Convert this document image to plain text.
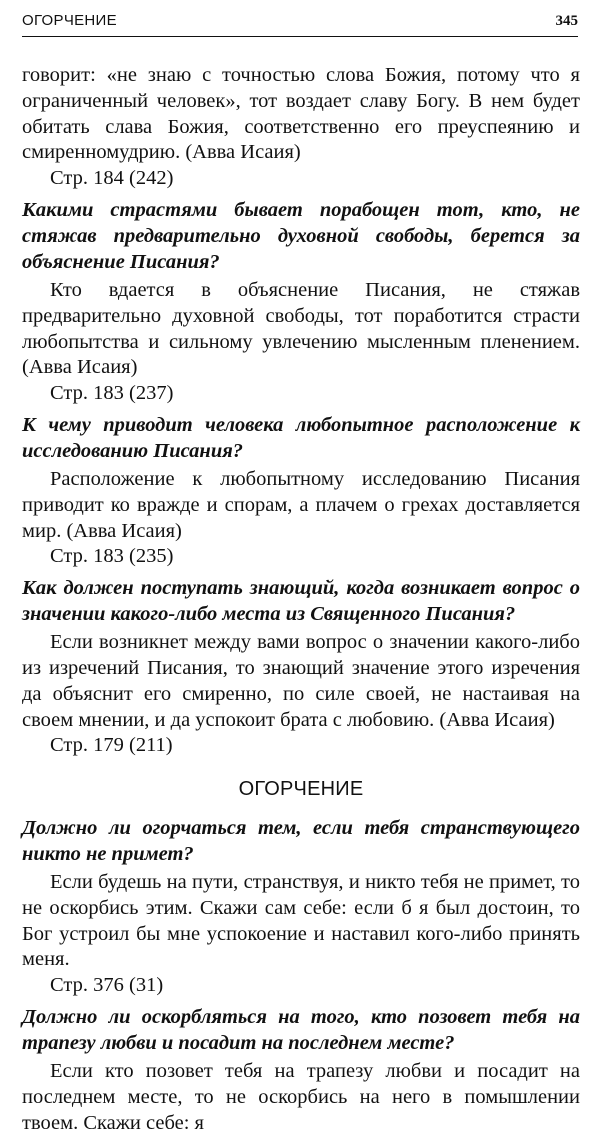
ОГОРЧЕНИЕ	345

говорит: «не знаю с точностью слова Божия, потому что я ограниченный человек», тот воздает славу Богу. В нем будет обитать слава Божия, соответственно его преуспеянию и смиренномудрию. (Авва Исаия)

Стр. 184 (242)

Какими страстями бывает порабощен тот, кто, не стяжав предварительно духовной свободы, берется за объяснение Писания?

Кто вдается в объяснение Писания, не стяжав предварительно духовной свободы, тот поработится страсти любопытства и сильному увлечению мысленным пленением. (Авва Исаия)

Стр. 183 (237)

К чему приводит человека любопытное расположение к исследованию Писания?

Расположение к любопытному исследованию Писания приводит ко вражде и спорам, а плачем о грехах доставляется мир. (Авва Исаия)

Стр. 183 (235)

Как должен поступать знающий, когда возникает вопрос о значении какого-либо места из Священного Писания?

Если возникнет между вами вопрос о значении какого-либо из изречений Писания, то знающий значение этого изречения да объяснит его смиренно, по силе своей, не настаивая на своем мнении, и да успокоит брата с любовию. (Авва Исаия)

Стр. 179 (211)

ОГОРЧЕНИЕ

Должно ли огорчаться тем, если тебя странствующего никто не примет?

Если будешь на пути, странствуя, и никто тебя не примет, то не оскорбись этим. Скажи сам себе: если б я был достоин, то Бог устроил бы мне успокоение и наставил кого-либо принять меня.

Стр. 376 (31)

Должно ли оскорбляться на того, кто позовет тебя на трапезу любви и посадит на последнем месте?

Если кто позовет тебя на трапезу любви и посадит на последнем месте, то не оскорбись на него в помышлении твоем. Скажи себе: я
